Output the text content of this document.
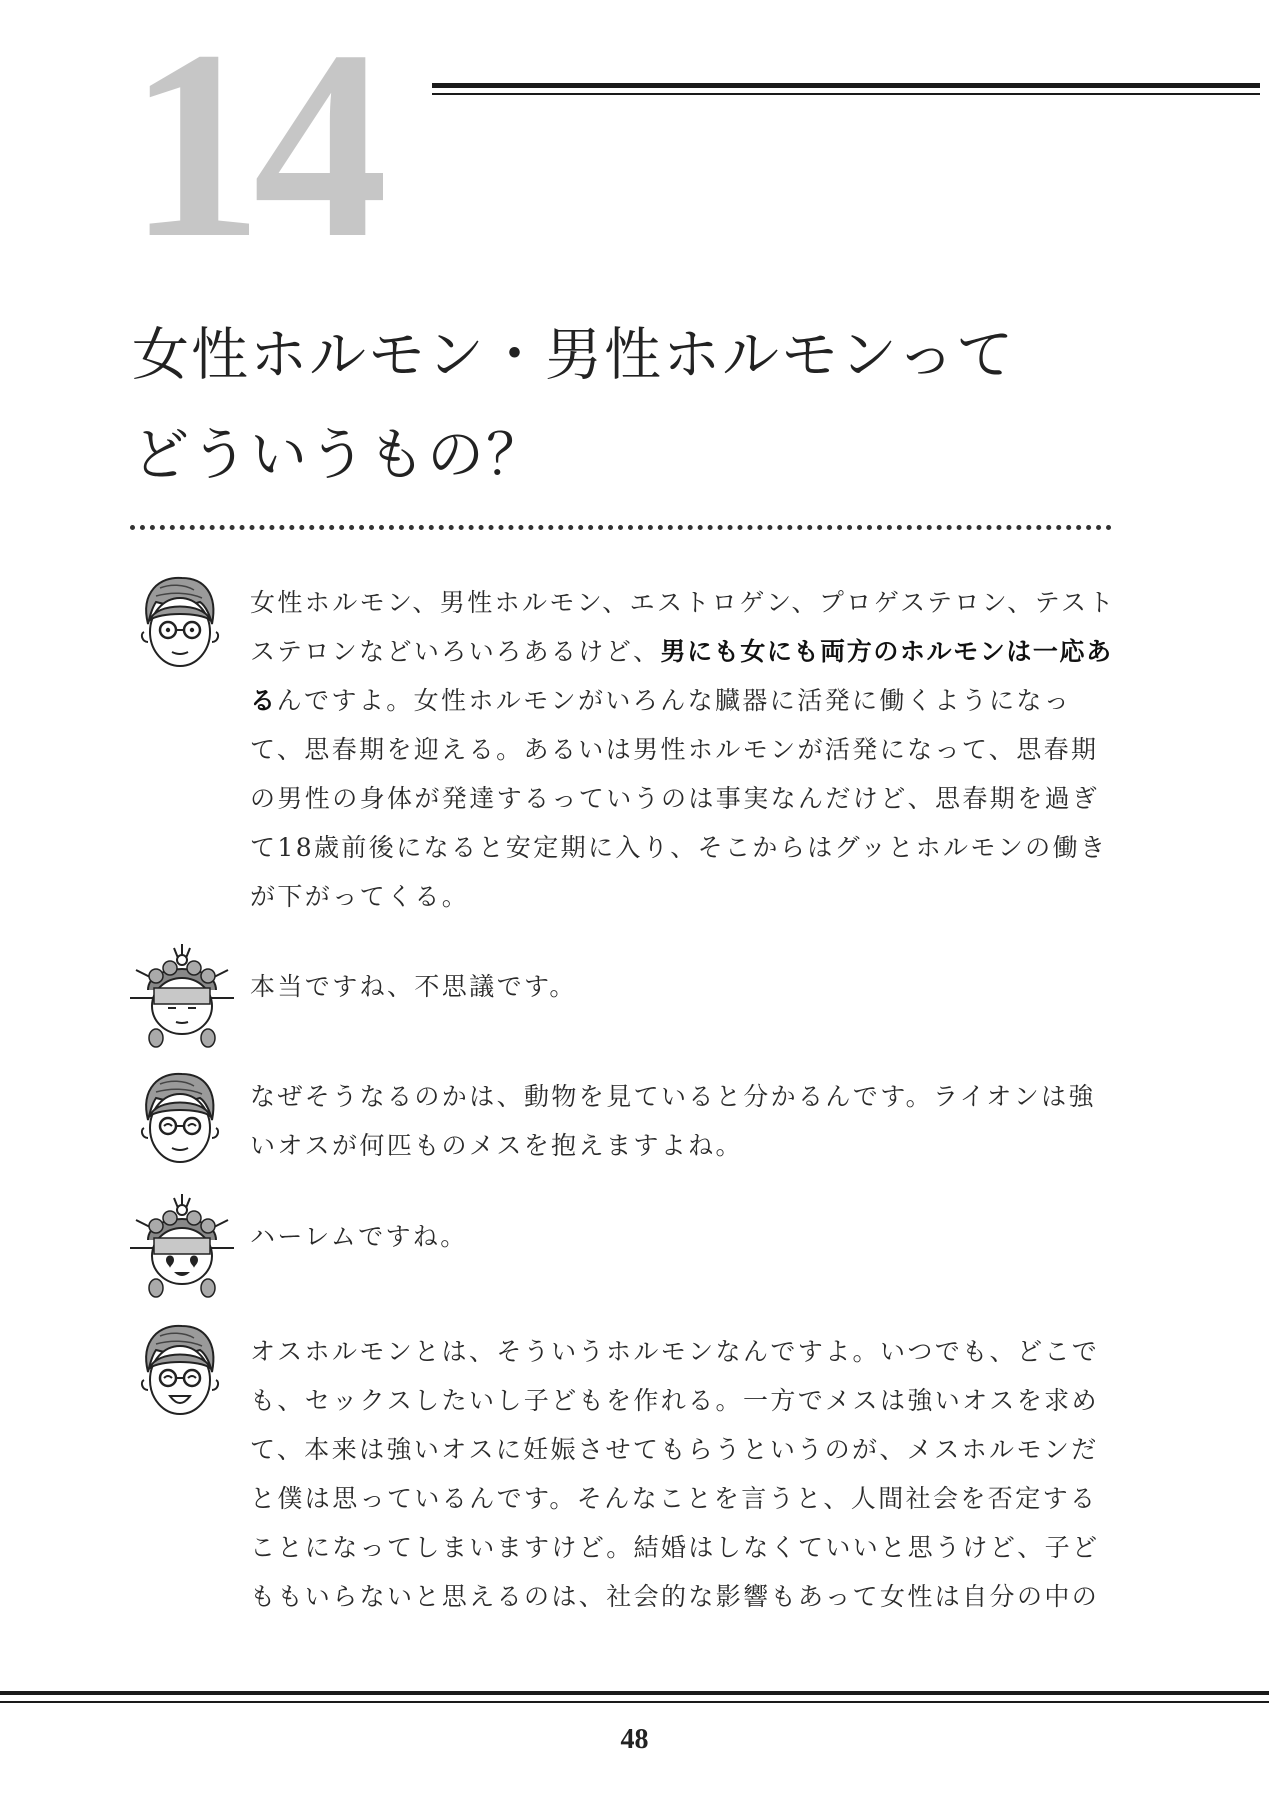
14
女性ホルモン・男性ホルモンって
どういうもの？

女性ホルモン、男性ホルモン、エストロゲン、プロゲステロン、テストステロンなどいろいろあるけど、男にも女にも両方のホルモンは一応あるんですよ。女性ホルモンがいろんな臓器に活発に働くようになって、思春期を迎える。あるいは男性ホルモンが活発になって、思春期の男性の身体が発達するっていうのは事実なんだけど、思春期を過ぎて18歳前後になると安定期に入り、そこからはグッとホルモンの働きが下がってくる。

本当ですね、不思議です。

なぜそうなるのかは、動物を見ていると分かるんです。ライオンは強いオスが何匹ものメスを抱えますよね。

ハーレムですね。

オスホルモンとは、そういうホルモンなんですよ。いつでも、どこでも、セックスしたいし子どもを作れる。一方でメスは強いオスを求めて、本来は強いオスに妊娠させてもらうというのが、メスホルモンだと僕は思っているんです。そんなことを言うと、人間社会を否定することになってしまいますけど。結婚はしなくていいと思うけど、子どももいらないと思えるのは、社会的な影響もあって女性は自分の中の

48
